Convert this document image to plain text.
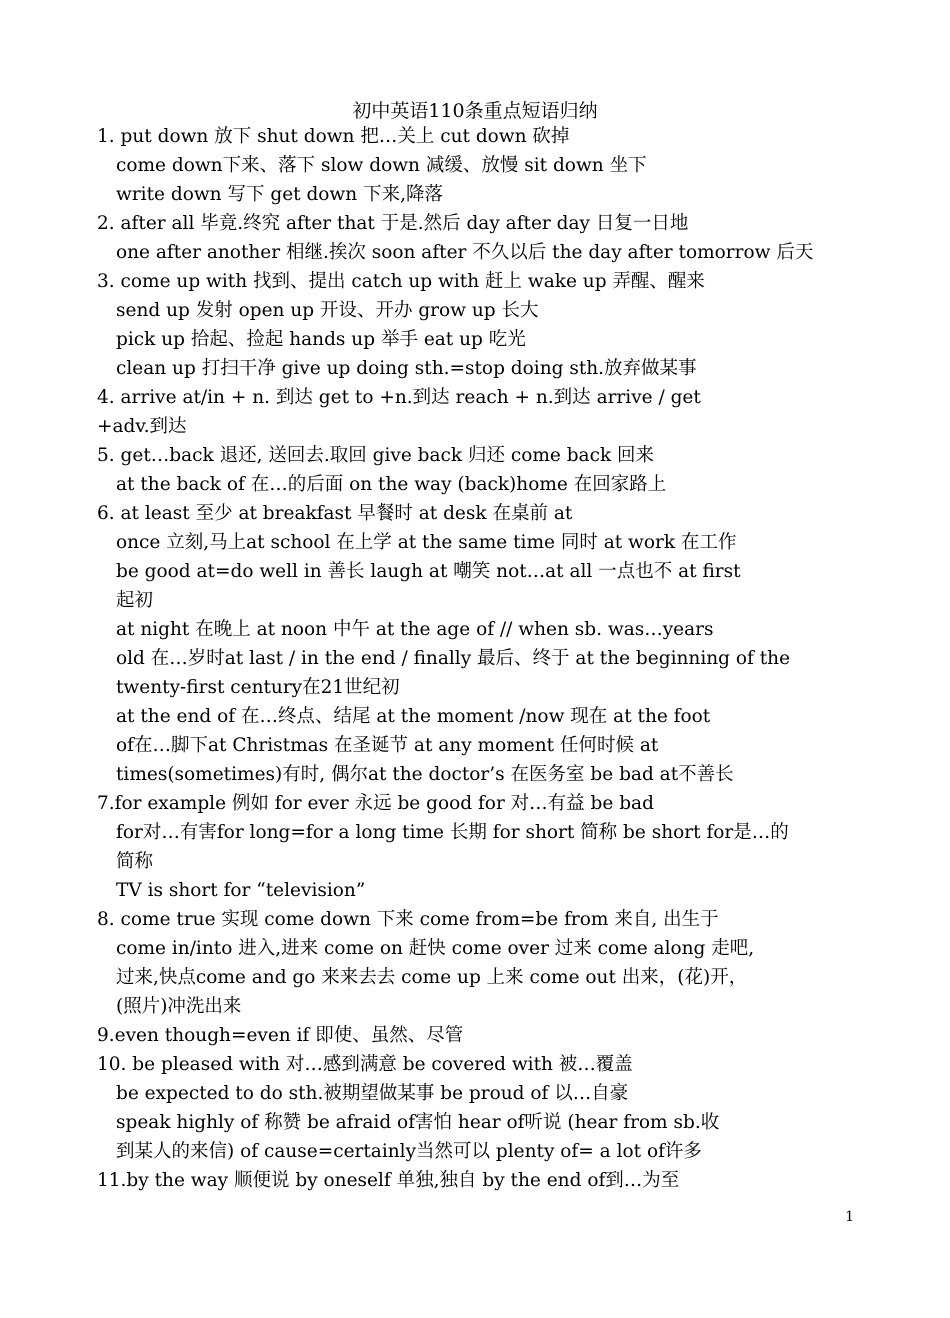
初中英语110条重点短语归纳
1. put down 放下 shut down 把…关上 cut down 砍掉
come down下来、落下 slow down 减缓、放慢 sit down 坐下
write down 写下 get down 下来,降落
2. after all 毕竟.终究 after that 于是.然后 day after day 日复一日地
one after another 相继.挨次 soon after 不久以后 the day after tomorrow 后天
3. come up with 找到、提出 catch up with 赶上 wake up 弄醒、醒来
send up 发射 open up 开设、开办 grow up 长大
pick up 拾起、捡起 hands up 举手 eat up 吃光
clean up 打扫干净 give up doing sth.=stop doing sth.放弃做某事
4. arrive at/in + n. 到达 get to +n.到达 reach + n.到达 arrive / get
+adv.到达
5. get…back 退还, 送回去.取回 give back 归还 come back 回来
at the back of 在…的后面 on the way (back)home 在回家路上
6. at least 至少 at breakfast 早餐时 at desk 在桌前 at
once 立刻,马上at school 在上学 at the same time 同时 at work 在工作
be good at=do well in 善长 laugh at 嘲笑 not…at all 一点也不 at first
起初
at night 在晚上 at noon 中午 at the age of // when sb. was…years
old 在…岁时at last / in the end / finally 最后、终于 at the beginning of the
twenty-first century在21世纪初
at the end of 在…终点、结尾 at the moment /now 现在 at the foot
of在…脚下at Christmas 在圣诞节 at any moment 任何时候 at
times(sometimes)有时, 偶尔at the doctor’s 在医务室 be bad at不善长
7.for example 例如 for ever 永远 be good for 对…有益 be bad
for对…有害for long=for a long time 长期 for short 简称 be short for是…的
简称
TV is short for “television”
8. come true 实现 come down 下来 come from=be from 来自, 出生于
come in/into 进入,进来 come on 赶快 come over 过来 come along 走吧,
过来,快点come and go 来来去去 come up 上来 come out 出来，(花)开，
(照片)冲洗出来
9.even though=even if 即使、虽然、尽管
10. be pleased with 对…感到满意 be covered with 被…覆盖
be expected to do sth.被期望做某事 be proud of 以…自豪
speak highly of 称赞 be afraid of害怕 hear of听说 (hear from sb.收
到某人的来信) of cause=certainly当然可以 plenty of= a lot of许多
11.by the way 顺便说 by oneself 单独,独自 by the end of到…为至
1
